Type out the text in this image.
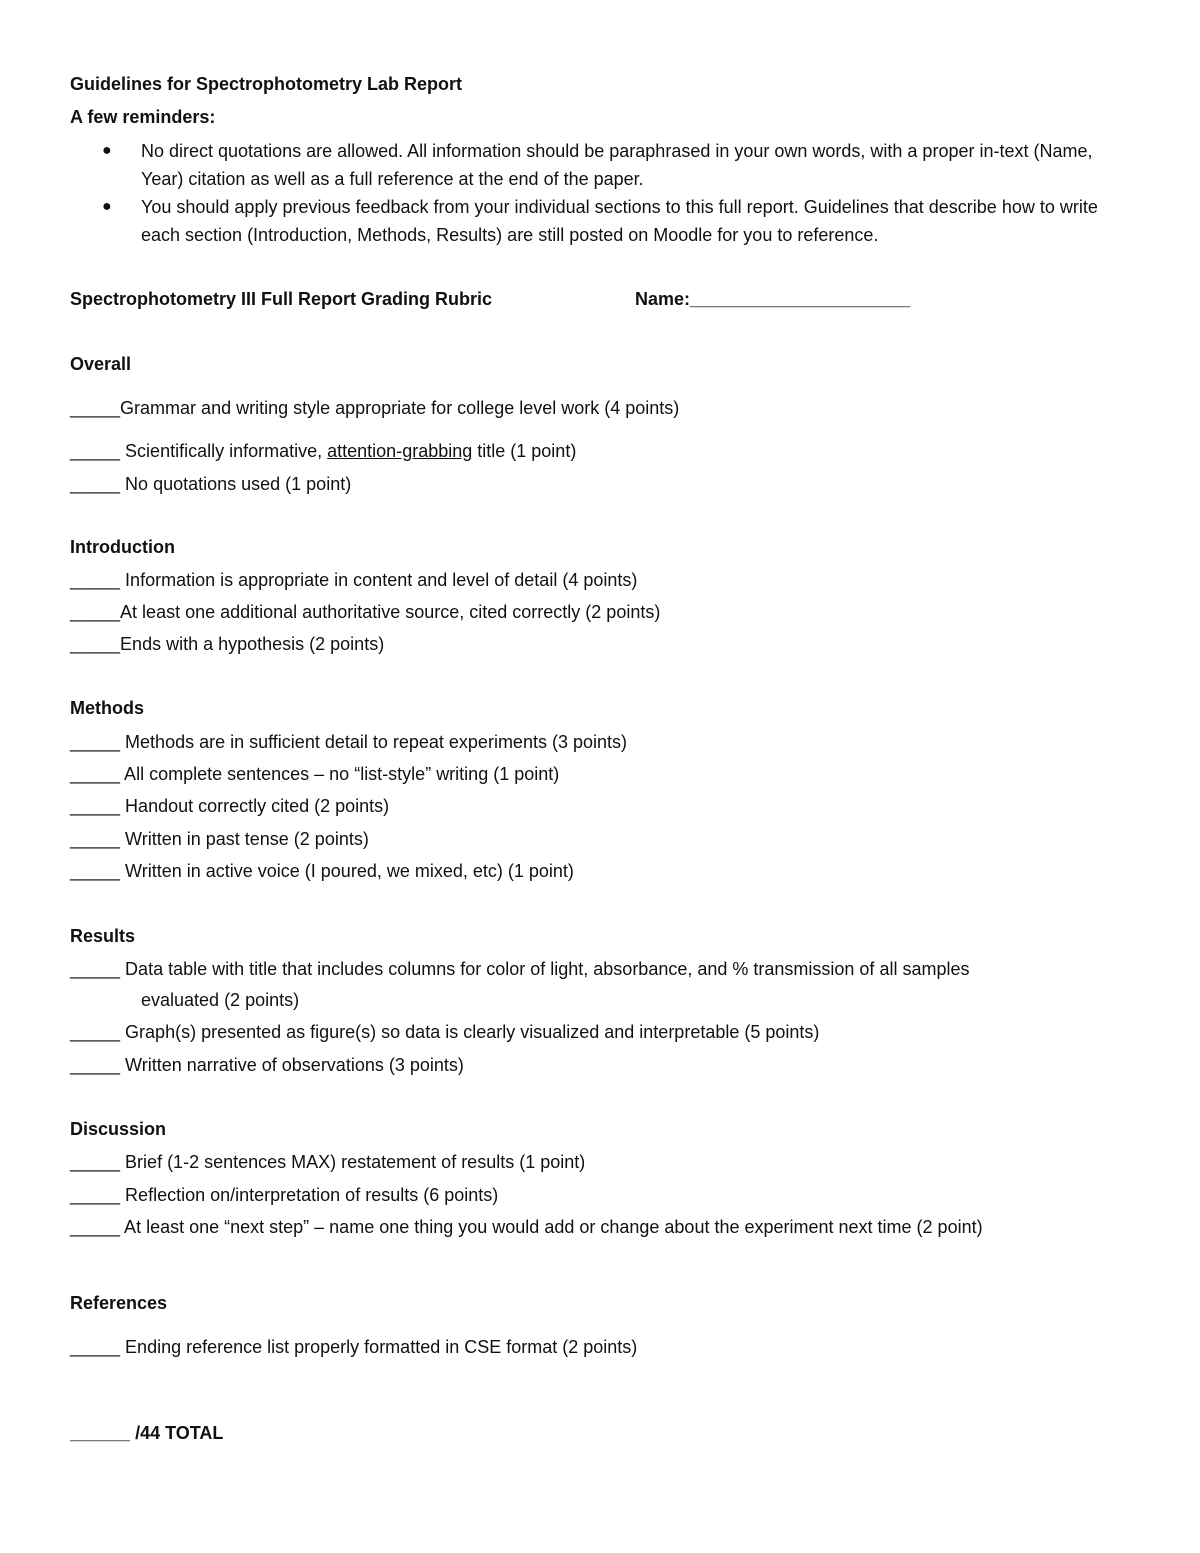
Guidelines for Spectrophotometry Lab Report
A few reminders:
● No direct quotations are allowed. All information should be paraphrased in your own words, with a proper in-text (Name, Year) citation as well as a full reference at the end of the paper.
● You should apply previous feedback from your individual sections to this full report. Guidelines that describe how to write each section (Introduction, Methods, Results) are still posted on Moodle for you to reference.
Spectrophotometry III Full Report Grading Rubric	Name:______________________
Overall
_____Grammar and writing style appropriate for college level work (4 points)
_____ Scientifically informative, attention-grabbing title (1 point)
_____ No quotations used (1 point)
Introduction
_____ Information is appropriate in content and level of detail (4 points)
_____At least one additional authoritative source, cited correctly (2 points)
_____Ends with a hypothesis (2 points)
Methods
_____ Methods are in sufficient detail to repeat experiments (3 points)
_____ All complete sentences – no “list-style” writing (1 point)
_____ Handout correctly cited (2 points)
_____ Written in past tense (2 points)
_____ Written in active voice (I poured, we mixed, etc) (1 point)
Results
_____ Data table with title that includes columns for color of light, absorbance, and % transmission of all samples
evaluated (2 points)
_____ Graph(s) presented as figure(s) so data is clearly visualized and interpretable (5 points)
_____ Written narrative of observations (3 points)
Discussion
_____ Brief (1-2 sentences MAX) restatement of results (1 point)
_____ Reflection on/interpretation of results (6 points)
_____ At least one “next step” – name one thing you would add or change about the experiment next time (2 point)
References
_____ Ending reference list properly formatted in CSE format (2 points)
______ /44 TOTAL
